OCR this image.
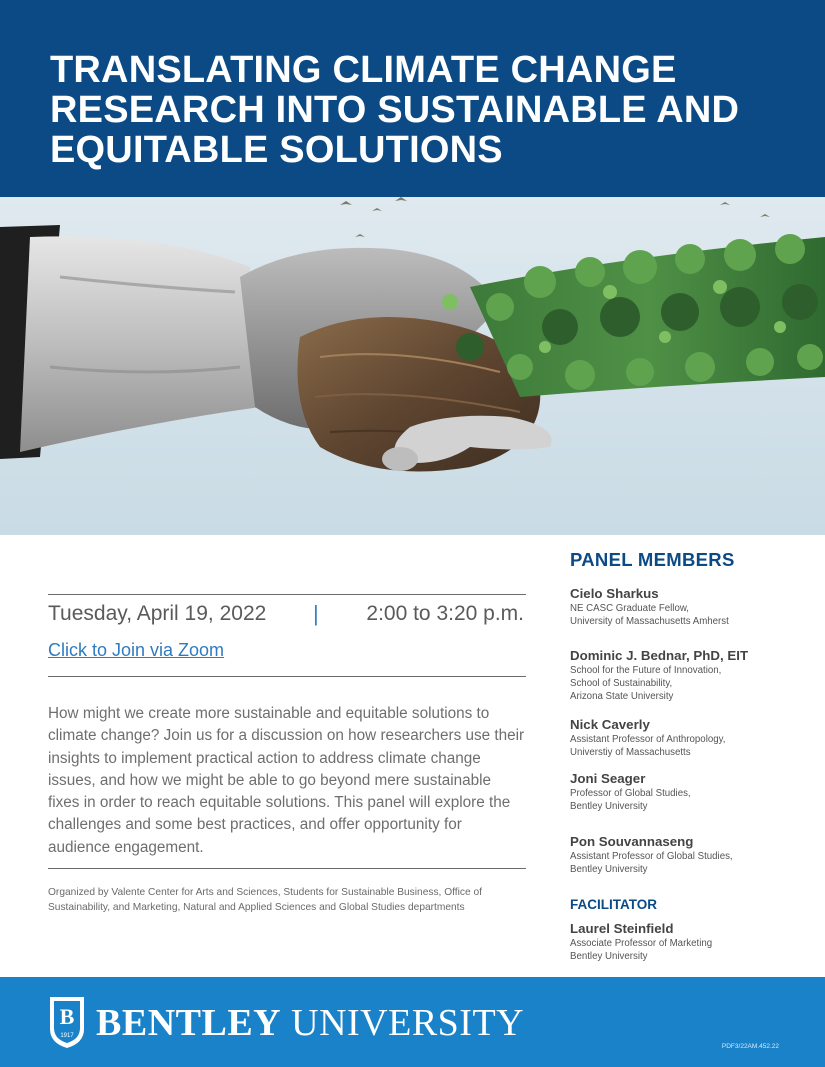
TRANSLATING CLIMATE CHANGE
RESEARCH INTO SUSTAINABLE AND
EQUITABLE SOLUTIONS
Tuesday, April 19, 2022 | 2:00 to 3:20 p.m.
Click to Join via Zoom

How might we create more sustainable and equitable solutions to climate change? Join us for a discussion on how researchers use their insights to implement practical action to address climate change issues, and how we might be able to go beyond mere sustainable fixes in order to reach equitable solutions. This panel will explore the challenges and some best practices, and offer opportunity for audience engagement.

Organized by Valente Center for Arts and Sciences, Students for Sustainable Business, Office of Sustainability, and Marketing, Natural and Applied Sciences and Global Studies departments

PANEL MEMBERS
Cielo Sharkus
NE CASC Graduate Fellow,
University of Massachusetts Amherst
Dominic J. Bednar, PhD, EIT
School for the Future of Innovation,
School of Sustainability,
Arizona State University
Nick Caverly
Assistant Professor of Anthropology,
Universtiy of Massachusetts
Joni Seager
Professor of Global Studies,
Bentley University
Pon Souvannaseng
Assistant Professor of Global Studies,
Bentley University
FACILITATOR
Laurel Steinfield
Associate Professor of Marketing
Bentley University
B
1917 BENTLEY UNIVERSITY
PDF3/22AM.452.22
